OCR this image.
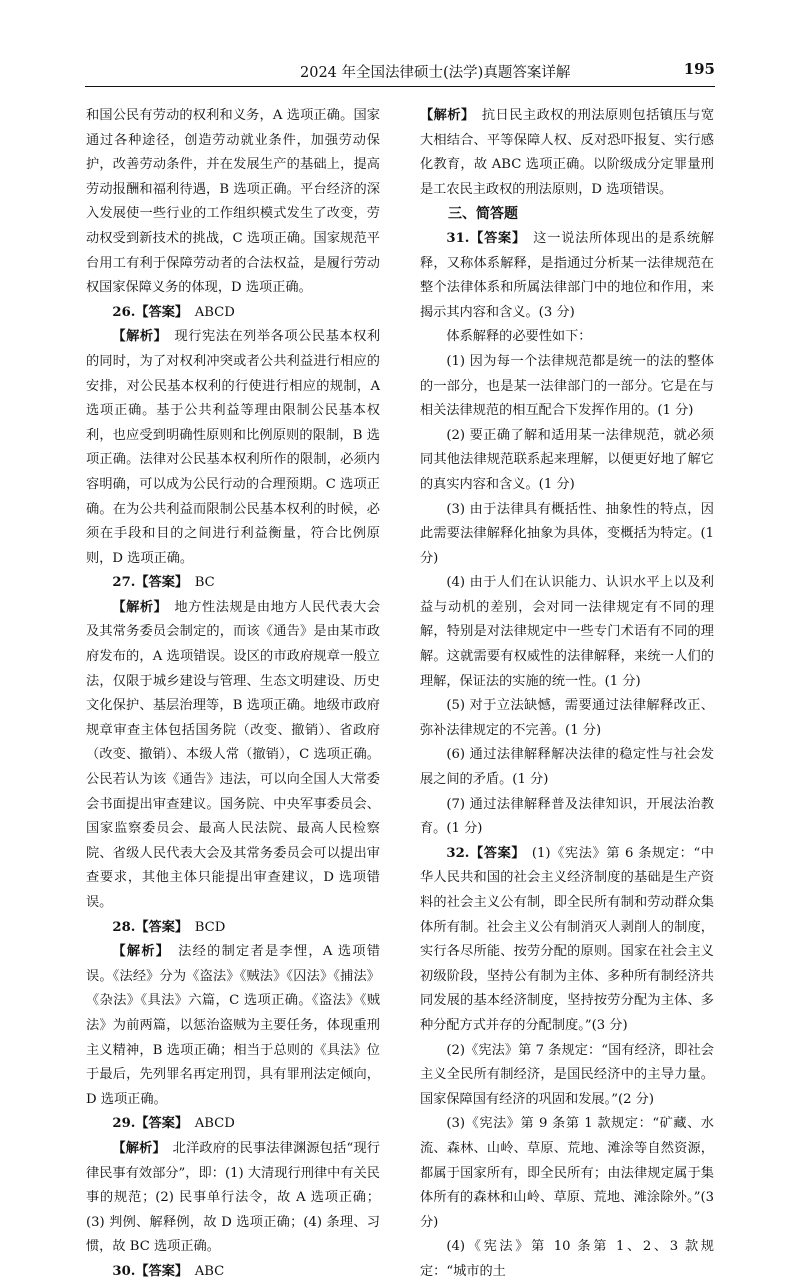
2024 年全国法律硕士(法学)真题答案详解	195

和国公民有劳动的权利和义务，A 选项正确。国家通过各种途径，创造劳动就业条件，加强劳动保护，改善劳动条件，并在发展生产的基础上，提高劳动报酬和福利待遇，B 选项正确。平台经济的深入发展使一些行业的工作组织模式发生了改变，劳动权受到新技术的挑战，C 选项正确。国家规范平台用工有利于保障劳动者的合法权益，是履行劳动权国家保障义务的体现，D 选项正确。

26.【答案】  ABCD

【解析】  现行宪法在列举各项公民基本权利的同时，为了对权利冲突或者公共利益进行相应的安排，对公民基本权利的行使进行相应的规制，A 选项正确。基于公共利益等理由限制公民基本权利，也应受到明确性原则和比例原则的限制，B 选项正确。法律对公民基本权利所作的限制，必须内容明确，可以成为公民行动的合理预期。C 选项正确。在为公共利益而限制公民基本权利的时候，必须在手段和目的之间进行利益衡量，符合比例原则，D 选项正确。

27.【答案】  BC

【解析】  地方性法规是由地方人民代表大会及其常务委员会制定的，而该《通告》是由某市政府发布的，A 选项错误。设区的市政府规章一般立法，仅限于城乡建设与管理、生态文明建设、历史文化保护、基层治理等，B 选项正确。地级市政府规章审查主体包括国务院（改变、撤销）、省政府（改变、撤销）、本级人常（撤销），C 选项正确。公民若认为该《通告》违法，可以向全国人大常委会书面提出审查建议。国务院、中央军事委员会、国家监察委员会、最高人民法院、最高人民检察院、省级人民代表大会及其常务委员会可以提出审查要求，其他主体只能提出审查建议，D 选项错误。

28.【答案】  BCD

【解析】  法经的制定者是李悝，A 选项错误。《法经》分为《盗法》《贼法》《囚法》《捕法》《杂法》《具法》六篇，C 选项正确。《盗法》《贼法》为前两篇，以惩治盗贼为主要任务，体现重刑主义精神，B 选项正确；相当于总则的《具法》位于最后，先列罪名再定刑罚，具有罪刑法定倾向，D 选项正确。

29.【答案】  ABCD

【解析】  北洋政府的民事法律渊源包括“现行律民事有效部分”，即：(1) 大清现行刑律中有关民事的规范；(2) 民事单行法令，故 A 选项正确；(3) 判例、解释例，故 D 选项正确；(4) 条理、习惯，故 BC 选项正确。

30.【答案】  ABC

【解析】  抗日民主政权的刑法原则包括镇压与宽大相结合、平等保障人权、反对恐吓报复、实行感化教育，故 ABC 选项正确。以阶级成分定罪量刑是工农民主政权的刑法原则，D 选项错误。

三、简答题

31.【答案】  这一说法所体现出的是系统解释，又称体系解释，是指通过分析某一法律规范在整个法律体系和所属法律部门中的地位和作用，来揭示其内容和含义。(3 分)

体系解释的必要性如下：

(1) 因为每一个法律规范都是统一的法的整体的一部分，也是某一法律部门的一部分。它是在与相关法律规范的相互配合下发挥作用的。(1 分)

(2) 要正确了解和适用某一法律规范，就必须同其他法律规范联系起来理解，以便更好地了解它的真实内容和含义。(1 分)

(3) 由于法律具有概括性、抽象性的特点，因此需要法律解释化抽象为具体，变概括为特定。(1 分)

(4) 由于人们在认识能力、认识水平上以及利益与动机的差别，会对同一法律规定有不同的理解，特别是对法律规定中一些专门术语有不同的理解。这就需要有权威性的法律解释，来统一人们的理解，保证法的实施的统一性。(1 分)

(5) 对于立法缺憾，需要通过法律解释改正、弥补法律规定的不完善。(1 分)

(6) 通过法律解释解决法律的稳定性与社会发展之间的矛盾。(1 分)

(7) 通过法律解释普及法律知识，开展法治教育。(1 分)

32.【答案】  (1)《宪法》第 6 条规定：“中华人民共和国的社会主义经济制度的基础是生产资料的社会主义公有制，即全民所有制和劳动群众集体所有制。社会主义公有制消灭人剥削人的制度，实行各尽所能、按劳分配的原则。国家在社会主义初级阶段，坚持公有制为主体、多种所有制经济共同发展的基本经济制度，坚持按劳分配为主体、多种分配方式并存的分配制度。”(3 分)

(2)《宪法》第 7 条规定：“国有经济，即社会主义全民所有制经济，是国民经济中的主导力量。国家保障国有经济的巩固和发展。”(2 分)

(3)《宪法》第 9 条第 1 款规定：“矿藏、水流、森林、山岭、草原、荒地、滩涂等自然资源，都属于国家所有，即全民所有；由法律规定属于集体所有的森林和山岭、草原、荒地、滩涂除外。”(3 分)

(4)《宪法》第 10 条第 1、2、3 款规定：“城市的土
